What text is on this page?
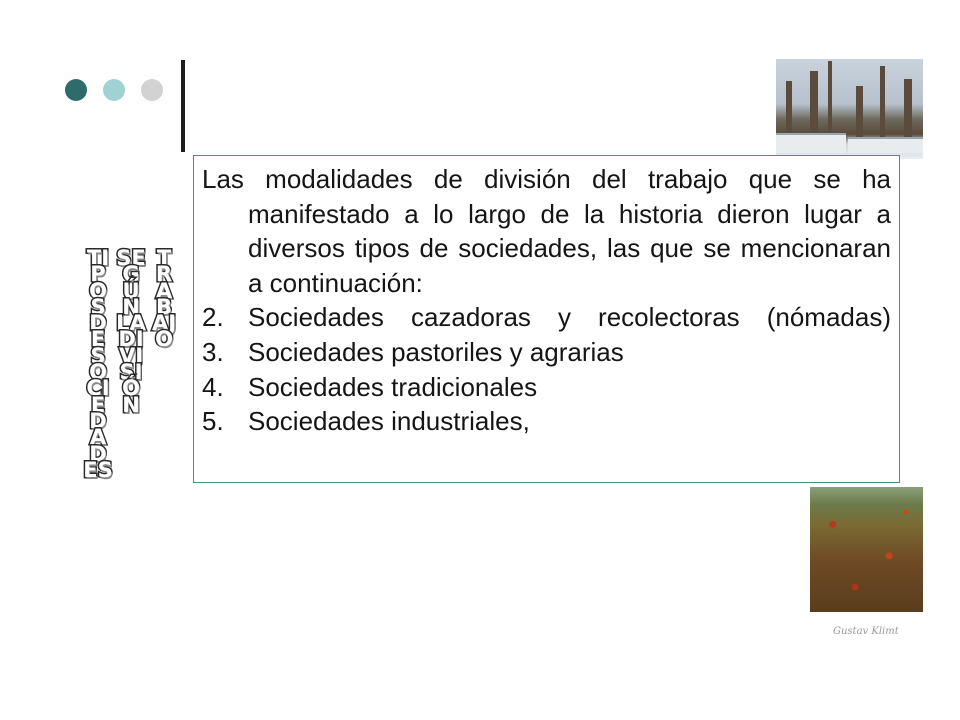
TIPOS DE SOCIEDADES
SEGÚN LA DIVISIÓN
TRABAJO

Las modalidades de división del trabajo que se ha manifestado a lo largo de la historia dieron lugar a diversos tipos de sociedades, las que se mencionaran a continuación:

2. Sociedades cazadoras y recolectoras (nómadas)
3. Sociedades pastoriles y agrarias
4. Sociedades tradicionales
5. Sociedades industriales,
Gustav Klimt
